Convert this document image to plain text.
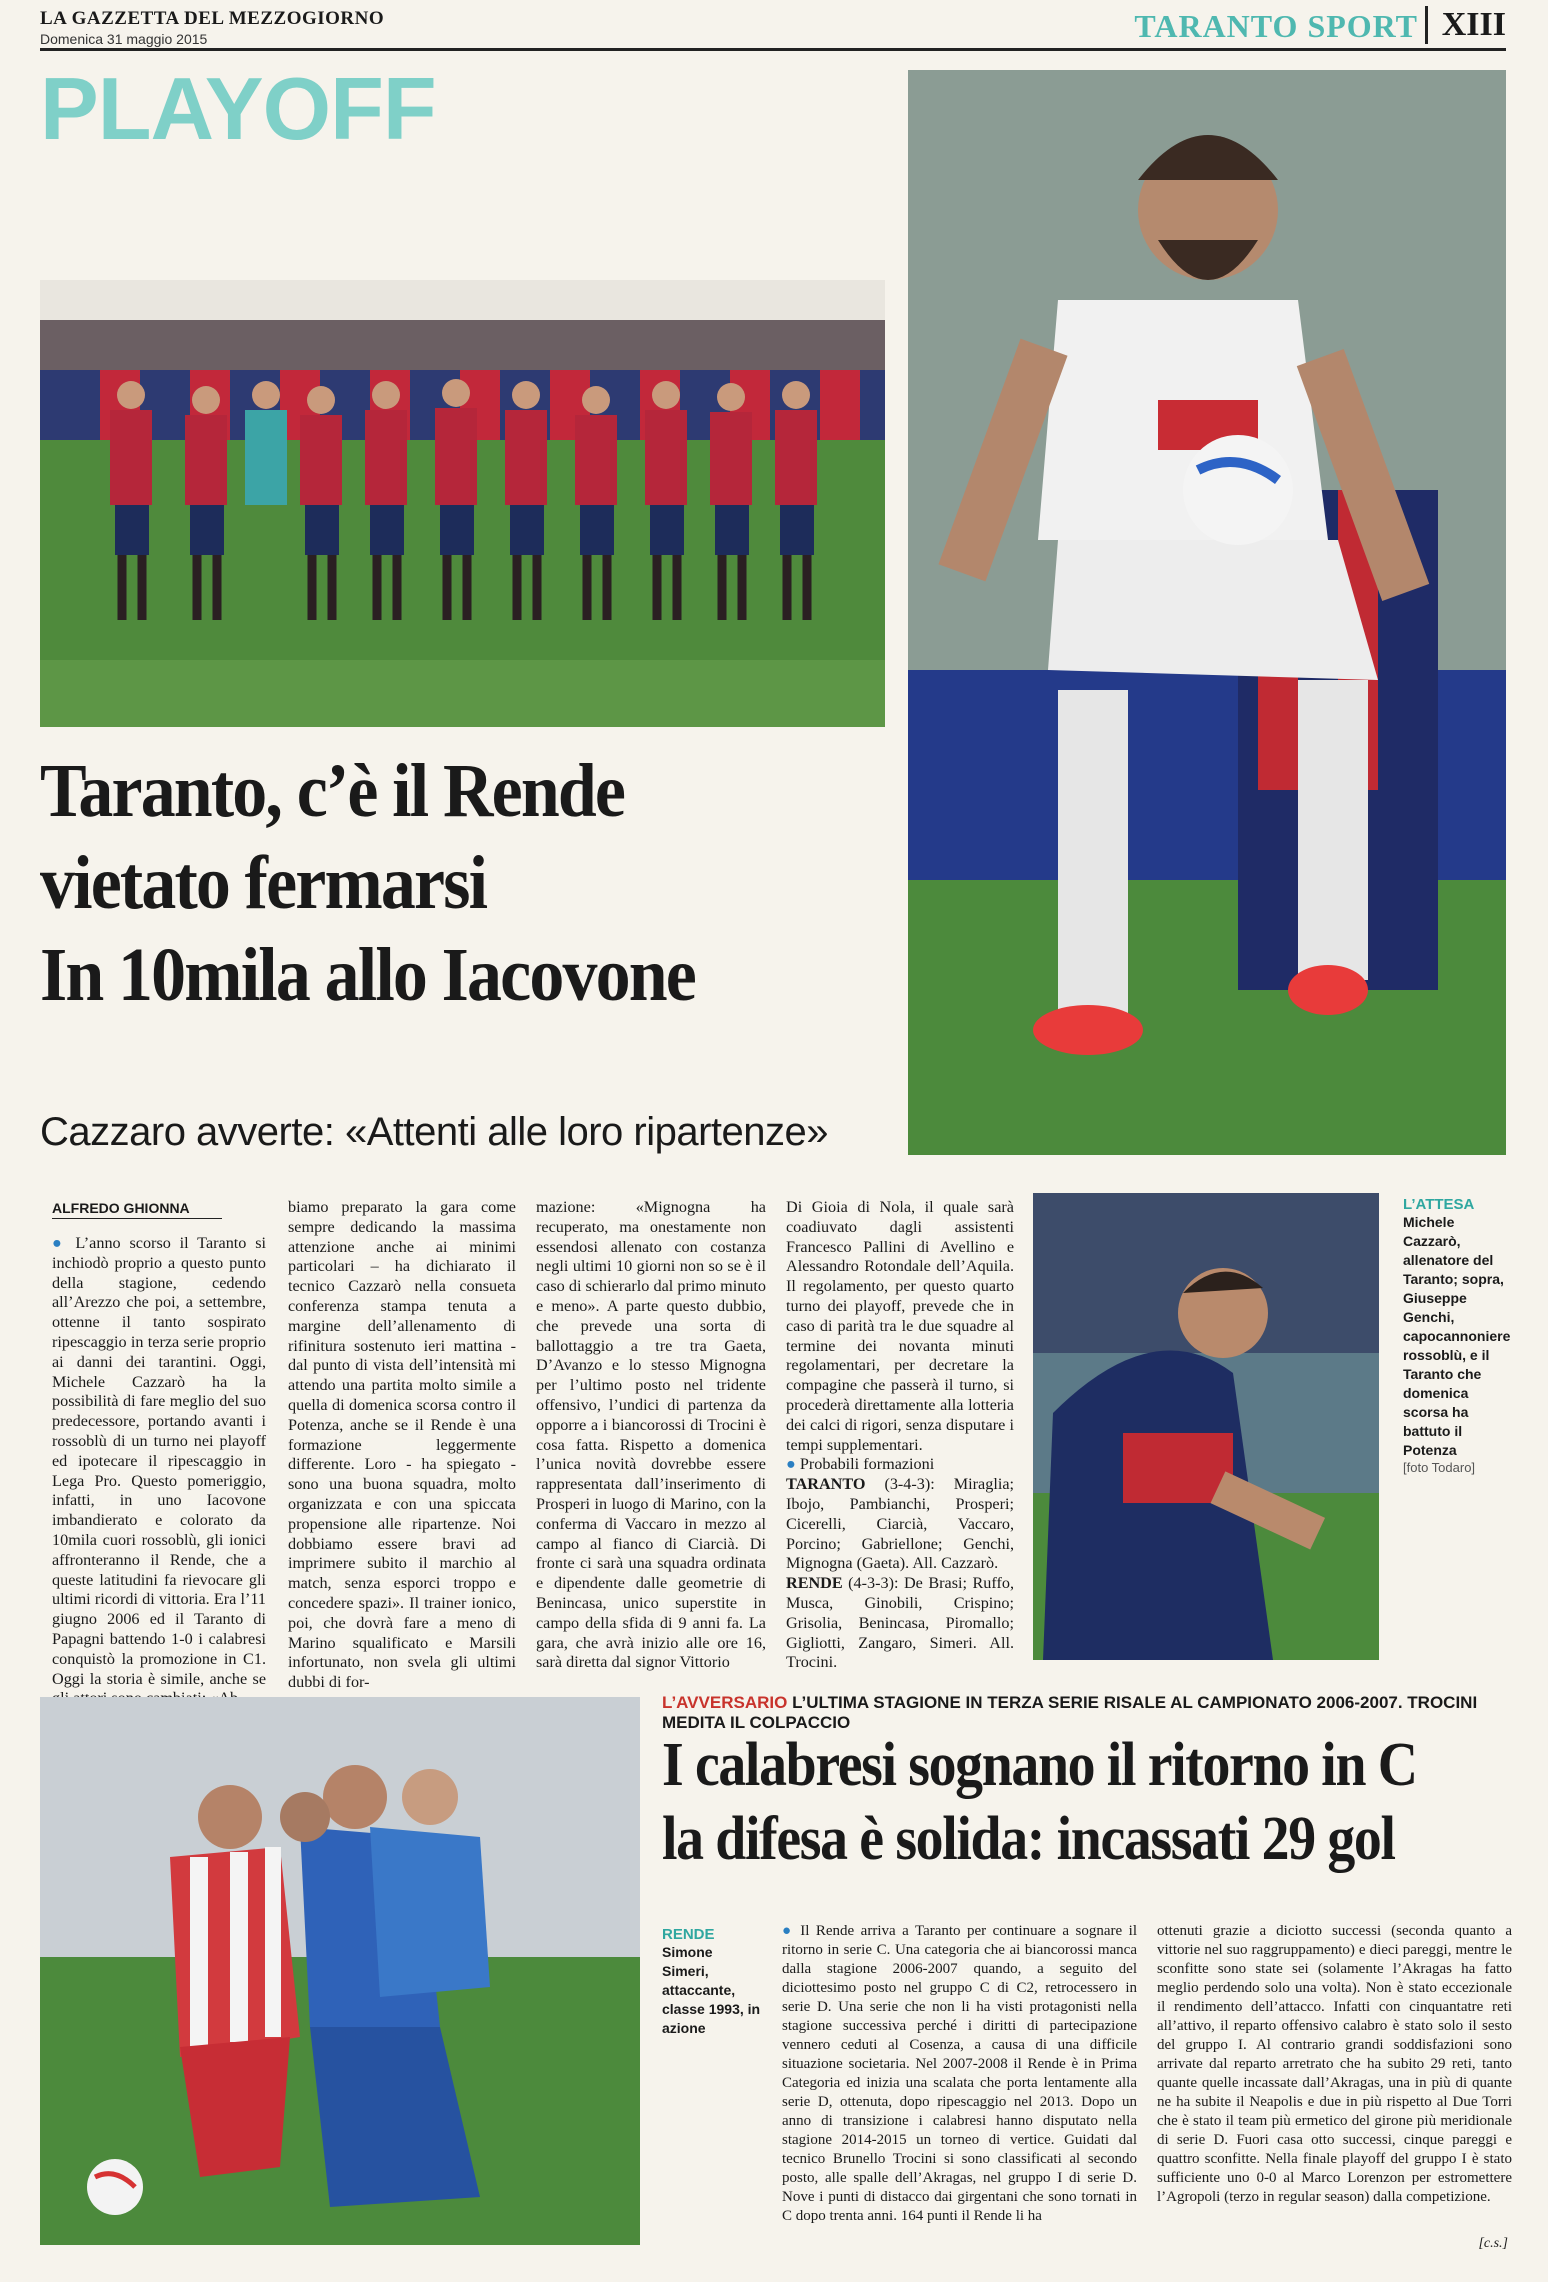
LA GAZZETTA DEL MEZZOGIORNO
Domenica 31 maggio 2015	TARANTO SPORT XIII
PLAYOFF
Taranto, c’è il Rende
vietato fermarsi
In 10mila allo Iacovone
Cazzaro avverte: «Attenti alle loro ripartenze»
ALFREDO GHIONNA
● L’anno scorso il Taranto si inchiodò proprio a questo punto della stagione, cedendo all’Arezzo che poi, a settembre, ottenne il tanto sospirato ripescaggio in terza serie proprio ai danni dei tarantini. Oggi, Michele Cazzarò ha la possibilità di fare meglio del suo predecessore, portando avanti i rossoblù di un turno nei playoff ed ipotecare il ripescaggio in Lega Pro. Questo pomeriggio, infatti, in uno Iacovone imbandierato e colorato da 10mila cuori rossoblù, gli ionici affronteranno il Rende, che a queste latitudini fa rievocare gli ultimi ricordi di vittoria. Era l’11 giugno 2006 ed il Taranto di Papagni battendo 1-0 i calabresi conquistò la promozione in C1. Oggi la storia è simile, anche se
biamo preparato la gara come sempre dedicando la massima attenzione anche ai minimi particolari – ha dichiarato il tecnico Cazzarò nella consueta conferenza stampa tenuta a margine dell’allenamento di rifinitura sostenuto ieri mattina - dal punto di vista dell’intensità mi attendo una partita molto simile a quella di domenica scorsa contro il Potenza, anche se il Rende è una formazione leggermente differente. Loro - ha spiegato - sono una buona squadra, molto organizzata e con una spiccata propensione alle ripartenze. Noi dobbiamo essere bravi ad imprimere subito il marchio al match, senza esporci troppo e concedere spazi». Il trainer ionico, poi, che dovrà fare a meno di Marino squalificato e Marsili infortunato, non svela gli ultimi dubbi di for-
mazione: «Mignogna ha recuperato, ma onestamente non essendosi allenato con costanza negli ultimi 10 giorni non so se è il caso di schierarlo dal primo minuto e meno». A parte questo dubbio, che prevede una sorta di ballottaggio a tre tra Gaeta, D’Avanzo e lo stesso Mignogna per l’ultimo posto nel tridente offensivo, l’undici di partenza da opporre a i biancorossi di Trocini è cosa fatta. Rispetto a domenica l’unica novità dovrebbe essere rappresentata dall’inserimento di Prosperi in luogo di Marino, con la conferma di Vaccaro in mezzo al campo al fianco di Ciarcià. Di fronte ci sarà una squadra ordinata e dipendente dalle geometrie di Benincasa, unico superstite in campo della sfida di 9 anni fa. La gara, che avrà inizio alle ore 16, sarà diretta dal signor Vittorio
Di Gioia di Nola, il quale sarà coadiuvato dagli assistenti Francesco Pallini di Avellino e Alessandro Rotondale dell’Aquila. Il regolamento, per questo quarto turno dei playoff, prevede che in caso di parità tra le due squadre al termine dei novanta minuti regolamentari, per decretare la compagine che passerà il turno, si procederà direttamente alla lotteria dei calci di rigori, senza disputare i tempi supplementari.
● Probabili formazioni
TARANTO (3-4-3): Miraglia; Ibojo, Pambianchi, Prosperi; Cicerelli, Ciarcià, Vaccaro, Porcino; Gabriellone; Genchi, Mignogna (Gaeta). All. Cazzarò.
RENDE (4-3-3): De Brasi; Ruffo, Musca, Ginobili, Crispino; Grisolia, Benincasa, Piromallo; Gigliotti, Zangaro, Simeri. All. Trocini.
L’ATTESA
Michele Cazzarò, allenatore del Taranto; sopra, Giuseppe Genchi, capocannoniere rossoblù, e il Taranto che domenica scorsa ha battuto il Potenza
[foto Todaro]
L’AVVERSARIO L’ULTIMA STAGIONE IN TERZA SERIE RISALE AL CAMPIONATO 2006-2007. TROCINI MEDITA IL COLPACCIO
I calabresi sognano il ritorno in C
la difesa è solida: incassati 29 gol
RENDE
Simone Simeri, attaccante, classe 1993, in azione
● Il Rende arriva a Taranto per continuare a sognare il ritorno in serie C. Una categoria che ai biancorossi manca dalla stagione 2006-2007 quando, a seguito del diciottesimo posto nel gruppo C di C2, retrocessero in serie D. Una serie che non li ha visti protagonisti nella stagione successiva perché i diritti di partecipazione vennero ceduti al Cosenza, a causa di una difficile situazione societaria. Nel 2007-2008 il Rende è in Prima Categoria ed inizia una scalata che porta lentamente alla serie D, ottenuta, dopo ripescaggio nel 2013. Dopo un anno di transizione i calabresi hanno disputato nella stagione 2014-2015 un torneo di vertice. Guidati dal tecnico Brunello Trocini si sono classificati al secondo posto, alle spalle dell’Akragas, nel gruppo I di serie D. Nove i punti di distacco dai girgentani che sono tornati in C dopo trenta anni. 164 punti il Rende li ha
ottenuti grazie a diciotto successi (seconda quanto a vittorie nel suo raggruppamento) e dieci pareggi, mentre le sconfitte sono state sei (solamente l’Akragas ha fatto meglio perdendo solo una volta). Non è stato eccezionale il rendimento dell’attacco. Infatti con cinquantatre reti all’attivo, il reparto offensivo calabro è stato solo il sesto del gruppo I. Al contrario grandi soddisfazioni sono arrivate dal reparto arretrato che ha subito 29 reti, tanto quante quelle incassate dall’Akragas, una in più di quante ne ha subite il Neapolis e due in più rispetto al Due Torri che è stato il team più ermetico del girone più meridionale di serie D. Fuori casa otto successi, cinque pareggi e quattro sconfitte. Nella finale playoff del gruppo I è stato sufficiente uno 0-0 al Marco Lorenzon per estromettere l’Agropoli (terzo in regular season) dalla competizione.
[c.s.]
